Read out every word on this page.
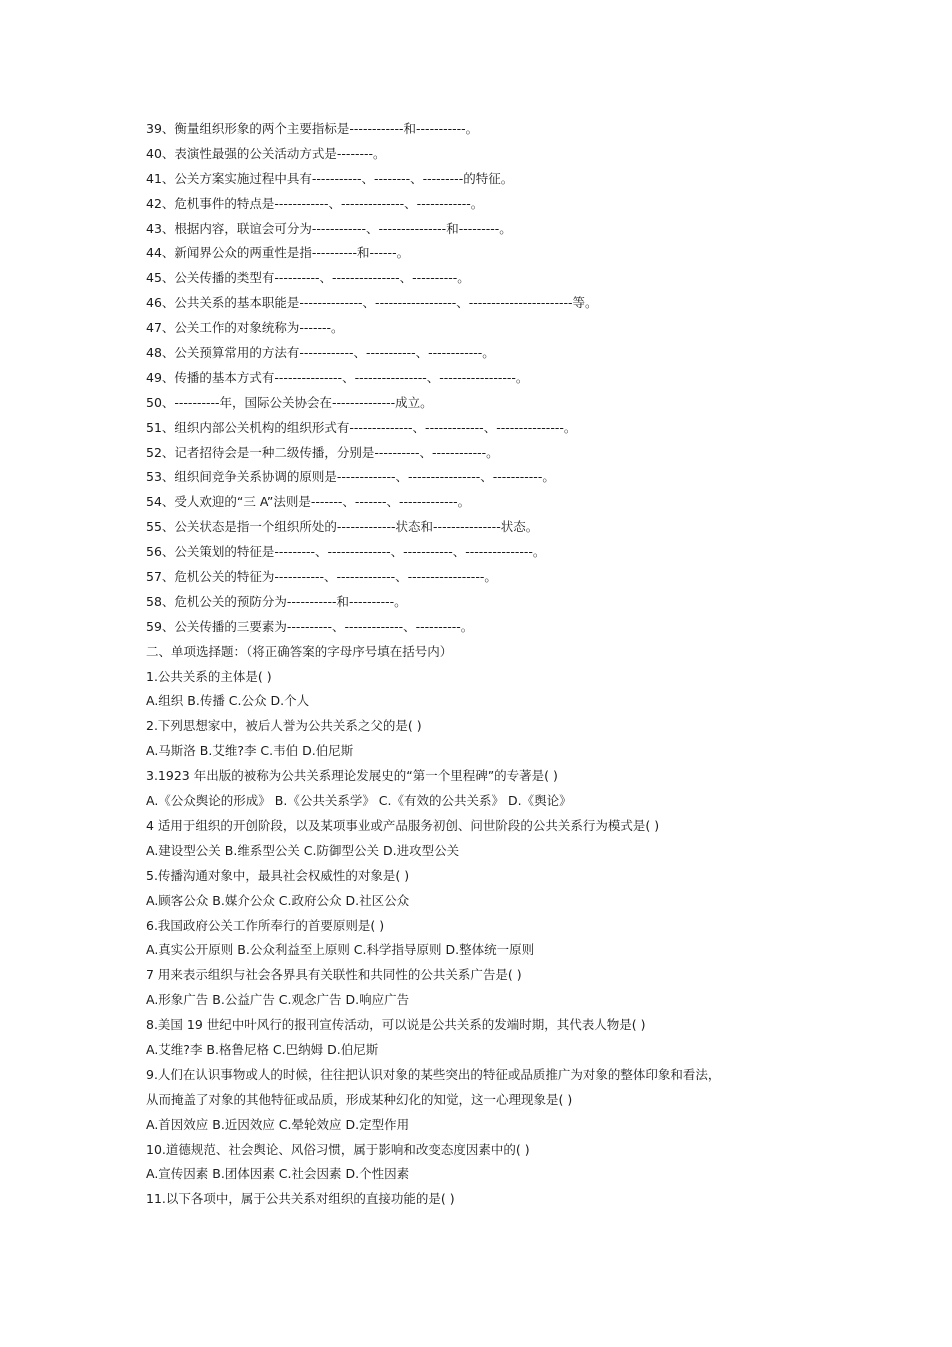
39、衡量组织形象的两个主要指标是------------和-----------。
40、表演性最强的公关活动方式是--------。
41、公关方案实施过程中具有-----------、--------、---------的特征。
42、危机事件的特点是------------、--------------、------------。
43、根据内容，联谊会可分为------------、---------------和---------。
44、新闻界公众的两重性是指----------和------。
45、公关传播的类型有----------、---------------、----------。
46、公共关系的基本职能是--------------、------------------、-----------------------等。
47、公关工作的对象统称为-------。
48、公关预算常用的方法有------------、-----------、------------。
49、传播的基本方式有---------------、----------------、-----------------。
50、----------年，国际公关协会在--------------成立。
51、组织内部公关机构的组织形式有--------------、-------------、---------------。
52、记者招待会是一种二级传播，分别是----------、------------。
53、组织间竞争关系协调的原则是-------------、----------------、-----------。
54、受人欢迎的“三 A”法则是-------、-------、-------------。
55、公关状态是指一个组织所处的-------------状态和---------------状态。
56、公关策划的特征是---------、--------------、-----------、---------------。
57、危机公关的特征为-----------、-------------、-----------------。
58、危机公关的预防分为-----------和----------。
59、公关传播的三要素为----------、-------------、----------。
二、单项选择题：（将正确答案的字母序号填在括号内）
1.公共关系的主体是( )
A.组织 B.传播 C.公众 D.个人
2.下列思想家中，被后人誉为公共关系之父的是( )
A.马斯洛 B.艾维?李 C.韦伯 D.伯尼斯
3.1923 年出版的被称为公共关系理论发展史的“第一个里程碑”的专著是( )
A.《公众舆论的形成》 B.《公共关系学》 C.《有效的公共关系》 D.《舆论》
4 适用于组织的开创阶段，以及某项事业或产品服务初创、问世阶段的公共关系行为模式是( )
A.建设型公关 B.维系型公关 C.防御型公关 D.进攻型公关
5.传播沟通对象中，最具社会权威性的对象是( )
A.顾客公众 B.媒介公众 C.政府公众 D.社区公众
6.我国政府公关工作所奉行的首要原则是( )
A.真实公开原则 B.公众利益至上原则 C.科学指导原则 D.整体统一原则
7 用来表示组织与社会各界具有关联性和共同性的公共关系广告是( )
A.形象广告 B.公益广告 C.观念广告 D.响应广告
8.美国 19 世纪中叶风行的报刊宣传活动，可以说是公共关系的发端时期，其代表人物是( )
A.艾维?李 B.格鲁尼格 C.巴纳姆 D.伯尼斯
9.人们在认识事物或人的时候，往往把认识对象的某些突出的特征或品质推广为对象的整体印象和看法，
从而掩盖了对象的其他特征或品质，形成某种幻化的知觉，这一心理现象是( )
A.首因效应 B.近因效应 C.晕轮效应 D.定型作用
10.道德规范、社会舆论、风俗习惯，属于影响和改变态度因素中的( )
A.宣传因素 B.团体因素 C.社会因素 D.个性因素
11.以下各项中，属于公共关系对组织的直接功能的是( )
